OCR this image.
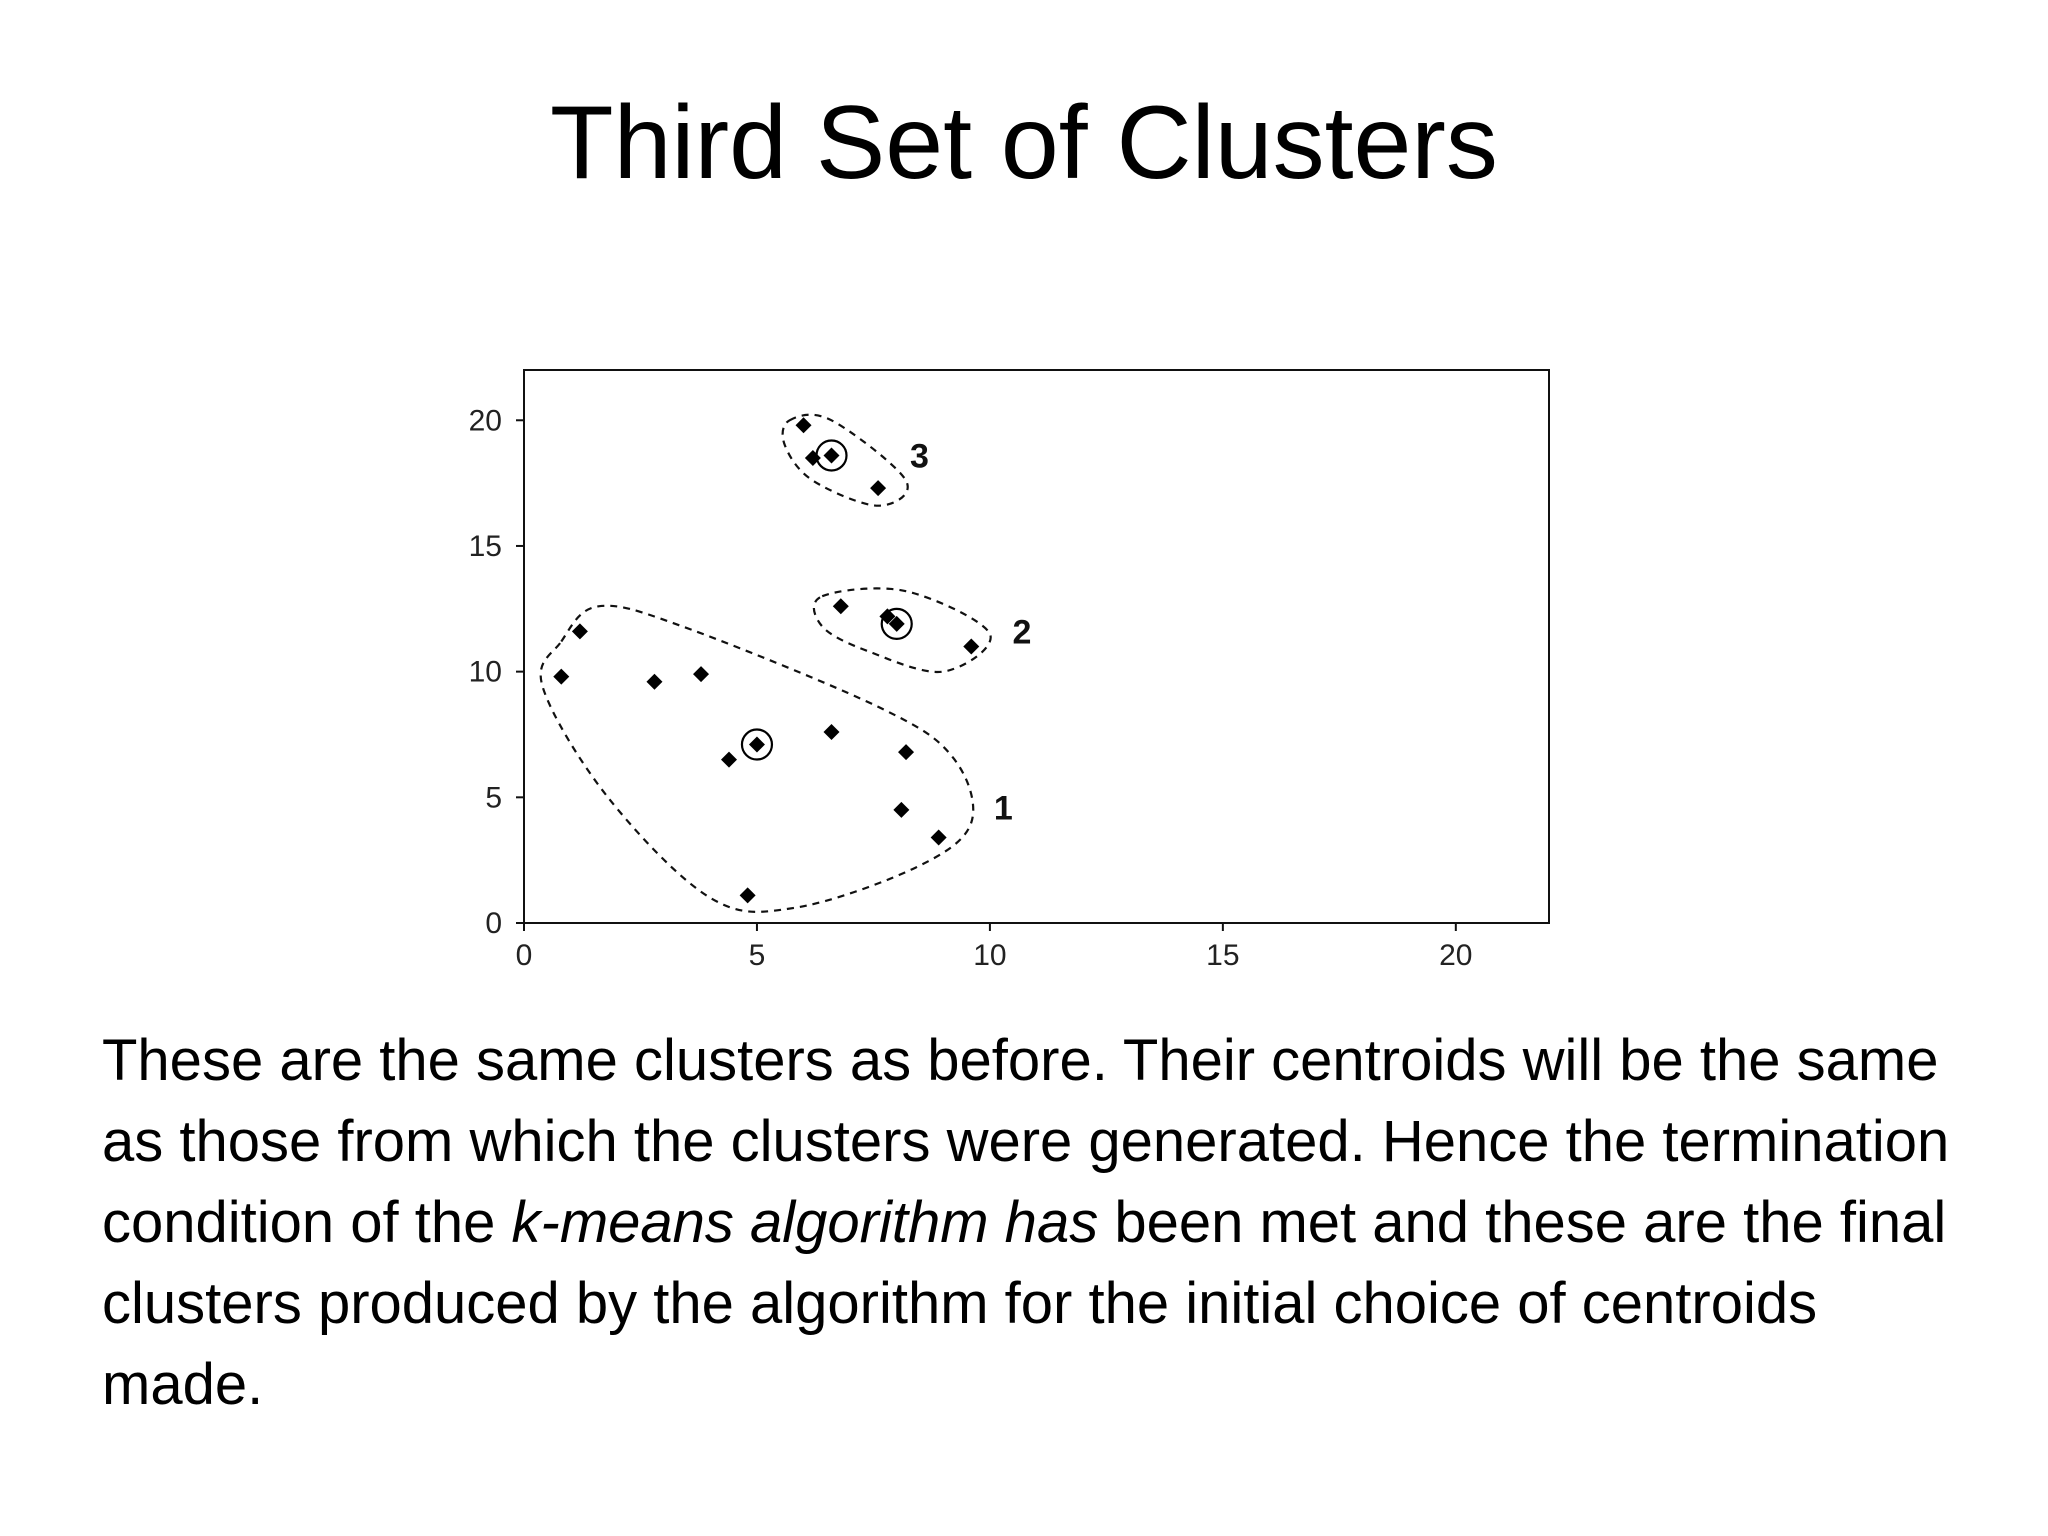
Third Set of Clusters
0	5	10	15	20
0
5
10
15
20
1
2
3

These are the same clusters as before. Their centroids will be the same as those from which the clusters were generated. Hence the termination condition of the k-means algorithm has been met and these are the final clusters produced by the algorithm for the initial choice of centroids made.
